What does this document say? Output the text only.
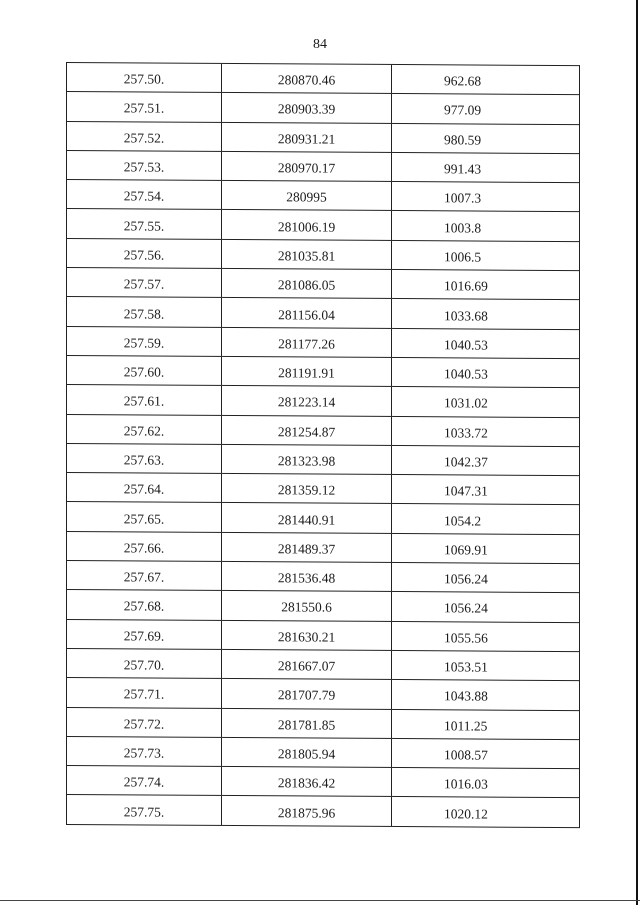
84
257.50.	280870.46	962.68
257.51.	280903.39	977.09
257.52.	280931.21	980.59
257.53.	280970.17	991.43
257.54.	280995	1007.3
257.55.	281006.19	1003.8
257.56.	281035.81	1006.5
257.57.	281086.05	1016.69
257.58.	281156.04	1033.68
257.59.	281177.26	1040.53
257.60.	281191.91	1040.53
257.61.	281223.14	1031.02
257.62.	281254.87	1033.72
257.63.	281323.98	1042.37
257.64.	281359.12	1047.31
257.65.	281440.91	1054.2
257.66.	281489.37	1069.91
257.67.	281536.48	1056.24
257.68.	281550.6	1056.24
257.69.	281630.21	1055.56
257.70.	281667.07	1053.51
257.71.	281707.79	1043.88
257.72.	281781.85	1011.25
257.73.	281805.94	1008.57
257.74.	281836.42	1016.03
257.75.	281875.96	1020.12
